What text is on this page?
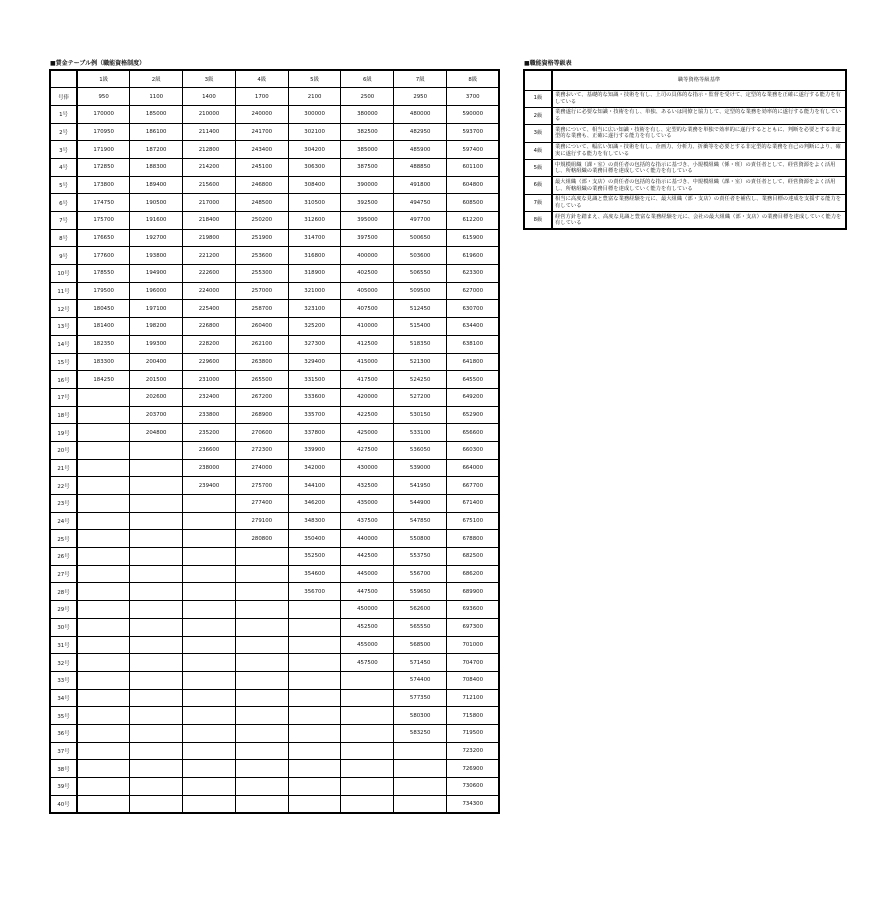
■賃金テーブル例（職能資格制度）	■職能資格等級表
	1級	2級	3級	4級	5級	6級	7級	8級
号俸	950	1100	1400	1700	2100	2500	2950	3700
1号	170000	185000	210000	240000	300000	380000	480000	590000
2号	170950	186100	211400	241700	302100	382500	482950	593700
3号	171900	187200	212800	243400	304200	385000	485900	597400
4号	172850	188300	214200	245100	306300	387500	488850	601100
5号	173800	189400	215600	246800	308400	390000	491800	604800
6号	174750	190500	217000	248500	310500	392500	494750	608500
7号	175700	191600	218400	250200	312600	395000	497700	612200
8号	176650	192700	219800	251900	314700	397500	500650	615900
9号	177600	193800	221200	253600	316800	400000	503600	619600
10号	178550	194900	222600	255300	318900	402500	506550	623300
11号	179500	196000	224000	257000	321000	405000	509500	627000
12号	180450	197100	225400	258700	323100	407500	512450	630700
13号	181400	198200	226800	260400	325200	410000	515400	634400
14号	182350	199300	228200	262100	327300	412500	518350	638100
15号	183300	200400	229600	263800	329400	415000	521300	641800
16号	184250	201500	231000	265500	331500	417500	524250	645500
17号		202600	232400	267200	333600	420000	527200	649200
18号		203700	233800	268900	335700	422500	530150	652900
19号		204800	235200	270600	337800	425000	533100	656600
20号			236600	272300	339900	427500	536050	660300
21号			238000	274000	342000	430000	539000	664000
22号			239400	275700	344100	432500	541950	667700
23号				277400	346200	435000	544900	671400
24号				279100	348300	437500	547850	675100
25号				280800	350400	440000	550800	678800
26号					352500	442500	553750	682500
27号					354600	445000	556700	686200
28号					356700	447500	559650	689900
29号						450000	562600	693600
30号						452500	565550	697300
31号						455000	568500	701000
32号						457500	571450	704700
33号							574400	708400
34号							577350	712100
35号							580300	715800
36号							583250	719500
37号								723200
38号								726900
39号								730600
40号								734300
	職等資格等級基準
1級	業務おいて、基礎的な知識・技術を有し、上司の具体的な指示・監督を受けて、定型的な業務を正確に遂行する能力を有している
2級	業務遂行に必要な知識・技術を有し、単独、あるいは同僚と協力して、定型的な業務を効率的に遂行する能力を有している
3級	業務について、相当に広い知識・技術を有し、定型的な業務を単独で効率的に遂行するとともに、判断を必要とする非定型的な業務も、正確に遂行する能力を有している
4級	業務について、幅広い知識・技術を有し、企画力、分析力、折衝等を必要とする非定型的な業務を自己の判断により、確実に遂行する能力を有している
5級	中規模組織（課・室）の責任者の包括的な指示に基づき、小規模組織（係・班）の責任者として、経営資源をよく活用し、所轄組織の業務目標を達成していく能力を有している
6級	最大組織（部・支店）の責任者の包括的な指示に基づき、中規模組織（課・室）の責任者として、経営資源をよく活用し、所轄組織の業務目標を達成していく能力を有している
7級	相当に高度な見識と豊富な業務経験を元に、最大組織（部・支店）の責任者を補佐し、業務目標の達成を支援する能力を有している
8級	経営方針を踏まえ、高度な見識と豊富な業務経験を元に、会社の最大組織（部・支店）の業務目標を達成していく能力を有している
